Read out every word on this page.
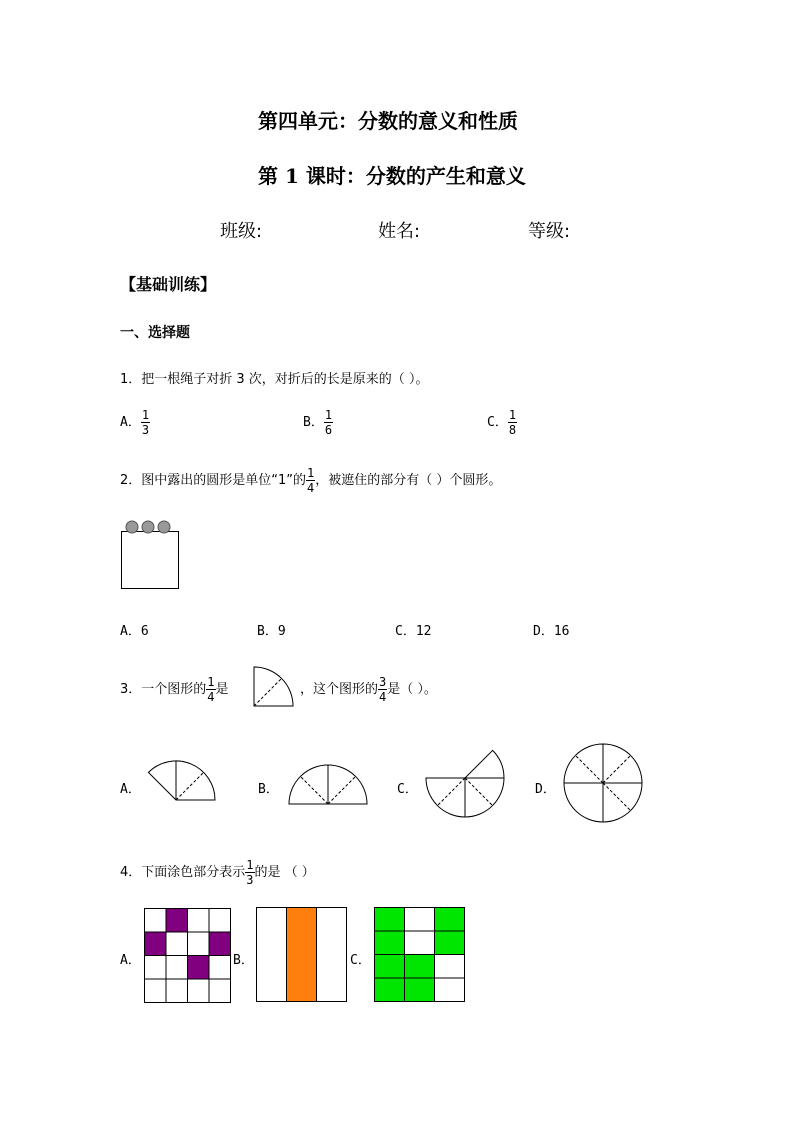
第四单元：分数的意义和性质
第 1 课时：分数的产生和意义
班级:	姓名:	等级:
【基础训练】
一、选择题
1．把一根绳子对折 3 次，对折后的长是原来的（ ）。
A． $\frac{1}{3}$	B． $\frac{1}{6}$	C． $\frac{1}{8}$
2．图中露出的圆形是单位“1”的 $\frac{1}{4}$ ，被遮住的部分有（ ）个圆形。
A．6	B．9	C．12	D．16
3．一个图形的 $\frac{1}{4}$ 是	，这个图形的 $\frac{3}{4}$ 是（ ）。
A．	B．	C．	D．
4．下面涂色部分表示 $\frac{1}{3}$ 的是 （ ）
A．	B．	C．
